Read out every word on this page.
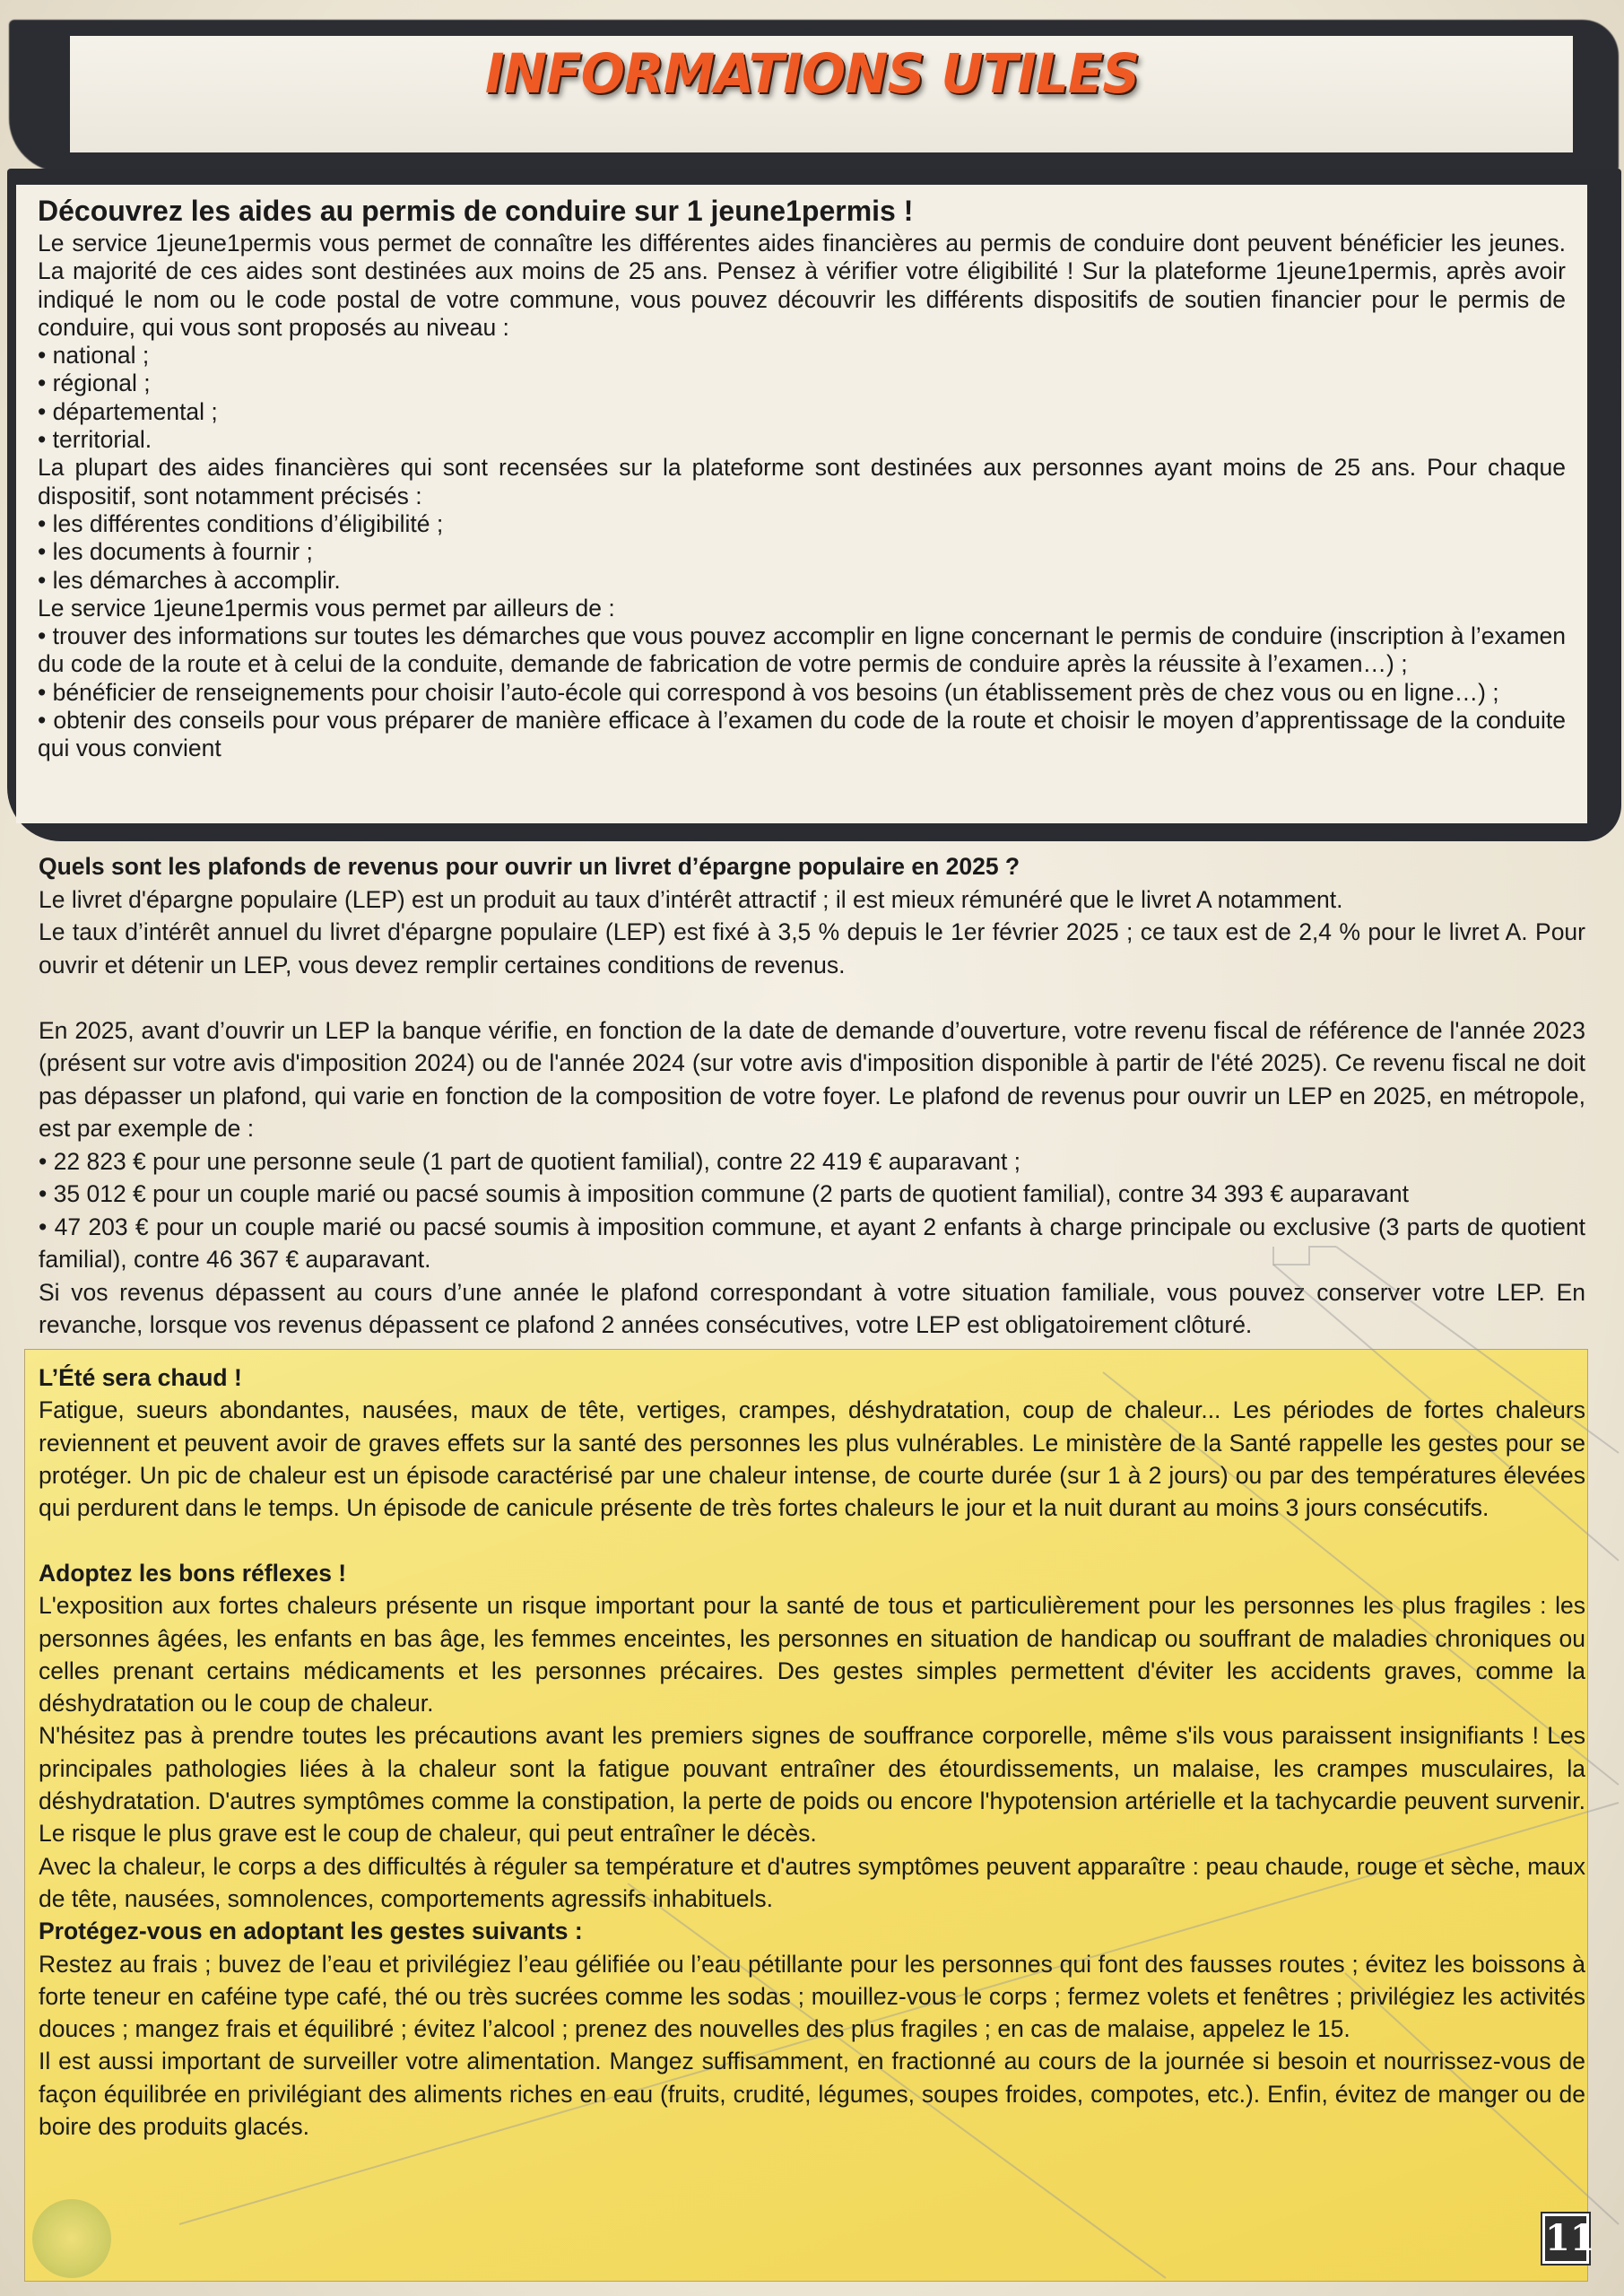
INFORMATIONS UTILES
Découvrez les aides au permis de conduire sur 1 jeune1permis !

Le service 1jeune1permis vous permet de connaître les différentes aides financières au permis de conduire dont peuvent bénéficier les jeunes. La majorité de ces aides sont destinées aux moins de 25 ans. Pensez à vérifier votre éligibilité ! Sur la plateforme 1jeune1permis, après avoir indiqué le nom ou le code postal de votre commune, vous pouvez découvrir les différents dispositifs de soutien financier pour le permis de conduire, qui vous sont proposés au niveau :

• national ;

• régional ;

• départemental ;

• territorial.

La plupart des aides financières qui sont recensées sur la plateforme sont destinées aux personnes ayant moins de 25 ans. Pour chaque dispositif, sont notamment précisés :

• les différentes conditions d’éligibilité ;

• les documents à fournir ;

• les démarches à accomplir.

Le service 1jeune1permis vous permet par ailleurs de :

• trouver des informations sur toutes les démarches que vous pouvez accomplir en ligne concernant le permis de conduire (inscription à l’examen du code de la route et à celui de la conduite, demande de fabrication de votre permis de conduire après la réussite à l’examen…) ;

• bénéficier de renseignements pour choisir l’auto-école qui correspond à vos besoins (un établissement près de chez vous ou en ligne…) ;

• obtenir des conseils pour vous préparer de manière efficace à l’examen du code de la route et choisir le moyen d’apprentissage de la conduite qui vous convient

Quels sont les plafonds de revenus pour ouvrir un livret d’épargne populaire en 2025 ?

Le livret d'épargne populaire (LEP) est un produit au taux d’intérêt attractif ; il est mieux rémunéré que le livret A notamment.

Le taux d’intérêt annuel du livret d'épargne populaire (LEP) est fixé à 3,5 % depuis le 1er février 2025 ; ce taux est de 2,4 % pour le livret A. Pour ouvrir et détenir un LEP, vous devez remplir certaines conditions de revenus.

En 2025, avant d’ouvrir un LEP la banque vérifie, en fonction de la date de demande d’ouverture, votre revenu fiscal de référence de l'année 2023 (présent sur votre avis d'imposition 2024) ou de l'année 2024 (sur votre avis d'imposition disponible à partir de l'été 2025). Ce revenu fiscal ne doit pas dépasser un plafond, qui varie en fonction de la composition de votre foyer. Le plafond de revenus pour ouvrir un LEP en 2025, en métropole, est par exemple de :

• 22 823 € pour une personne seule (1 part de quotient familial), contre 22 419 € auparavant ;

• 35 012 € pour un couple marié ou pacsé soumis à imposition commune (2 parts de quotient familial), contre 34 393 € auparavant

• 47 203 € pour un couple marié ou pacsé soumis à imposition commune, et ayant 2 enfants à charge principale ou exclusive (3 parts de quotient familial), contre 46 367 € auparavant.

Si vos revenus dépassent au cours d’une année le plafond correspondant à votre situation familiale, vous pouvez conserver votre LEP. En revanche, lorsque vos revenus dépassent ce plafond 2 années consécutives, votre LEP est obligatoirement clôturé.

L’Été sera chaud !

Fatigue, sueurs abondantes, nausées, maux de tête, vertiges, crampes, déshydratation, coup de chaleur... Les périodes de fortes chaleurs reviennent et peuvent avoir de graves effets sur la santé des personnes les plus vulnérables. Le ministère de la Santé rappelle les gestes pour se protéger. Un pic de chaleur est un épisode caractérisé par une chaleur intense, de courte durée (sur 1 à 2 jours) ou par des températures élevées qui perdurent dans le temps. Un épisode de canicule présente de très fortes chaleurs le jour et la nuit durant au moins 3 jours consécutifs.

Adoptez les bons réflexes !

L'exposition aux fortes chaleurs présente un risque important pour la santé de tous et particulièrement pour les personnes les plus fragiles : les personnes âgées, les enfants en bas âge, les femmes enceintes, les personnes en situation de handicap ou souffrant de maladies chroniques ou celles prenant certains médicaments et les personnes précaires. Des gestes simples permettent d'éviter les accidents graves, comme la déshydratation ou le coup de chaleur.

N'hésitez pas à prendre toutes les précautions avant les premiers signes de souffrance corporelle, même s'ils vous paraissent insignifiants ! Les principales pathologies liées à la chaleur sont la fatigue pouvant entraîner des étourdissements, un malaise, les crampes musculaires, la déshydratation. D'autres symptômes comme la constipation, la perte de poids ou encore l'hypotension artérielle et la tachycardie peuvent survenir. Le risque le plus grave est le coup de chaleur, qui peut entraîner le décès.

Avec la chaleur, le corps a des difficultés à réguler sa température et d'autres symptômes peuvent apparaître : peau chaude, rouge et sèche, maux de tête, nausées, somnolences, comportements agressifs inhabituels.

Protégez-vous en adoptant les gestes suivants :

Restez au frais ; buvez de l’eau et privilégiez l’eau gélifiée ou l’eau pétillante pour les personnes qui font des fausses routes ; évitez les boissons à forte teneur en caféine type café, thé ou très sucrées comme les sodas ; mouillez-vous le corps ; fermez volets et fenêtres ; privilégiez les activités douces ; mangez frais et équilibré ; évitez l’alcool ; prenez des nouvelles des plus fragiles ; en cas de malaise, appelez le 15.

Il est aussi important de surveiller votre alimentation. Mangez suffisamment, en fractionné au cours de la journée si besoin et nourrissez-vous de façon équilibrée en privilégiant des aliments riches en eau (fruits, crudité, légumes, soupes froides, compotes, etc.). Enfin, évitez de manger ou de boire des produits glacés.

11
